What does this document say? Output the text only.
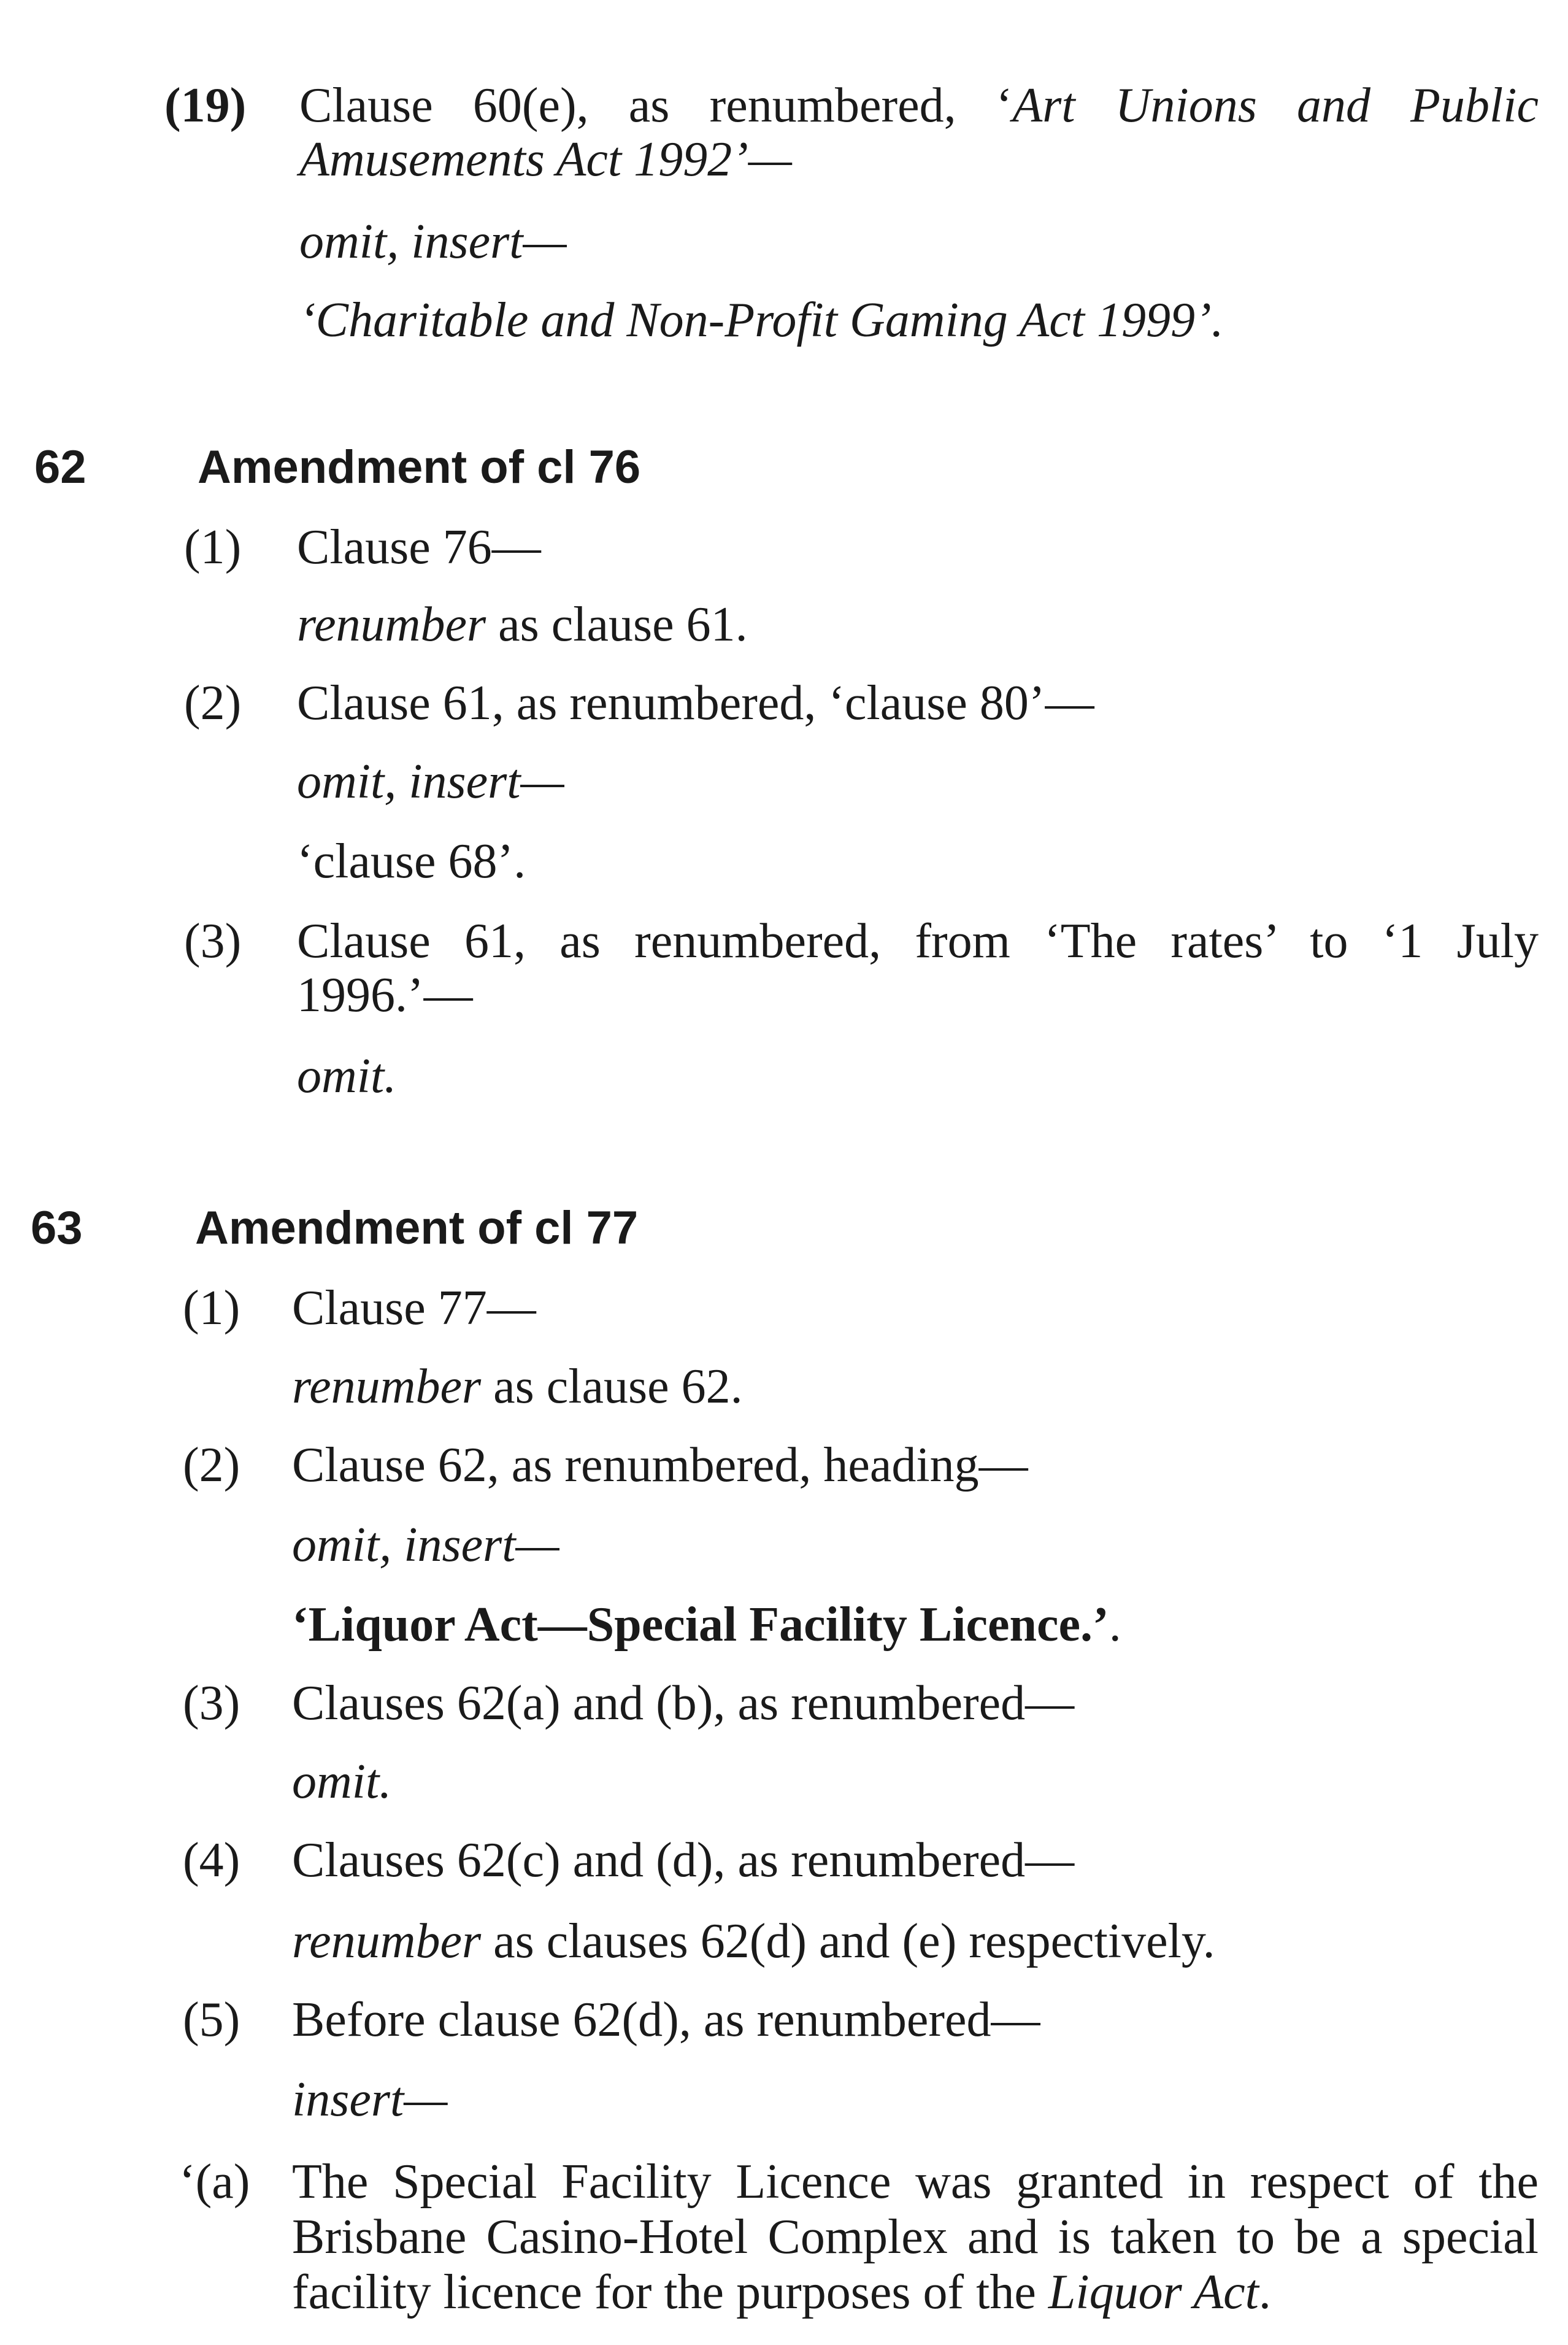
(19) Clause 60(e), as renumbered, ‘Art Unions and Public
Amusements Act 1992’—
omit, insert—
‘Charitable and Non-Profit Gaming Act 1999’.
62 Amendment of cl 76
(1) Clause 76—
renumber as clause 61.
(2) Clause 61, as renumbered, ‘clause 80’—
omit, insert—
‘clause 68’.
(3) Clause 61, as renumbered, from ‘The rates’ to ‘1 July
1996.’—
omit.
63 Amendment of cl 77
(1) Clause 77—
renumber as clause 62.
(2) Clause 62, as renumbered, heading—
omit, insert—
‘Liquor Act—Special Facility Licence.’.
(3) Clauses 62(a) and (b), as renumbered—
omit.
(4) Clauses 62(c) and (d), as renumbered—
renumber as clauses 62(d) and (e) respectively.
(5) Before clause 62(d), as renumbered—
insert—
‘(a) The Special Facility Licence was granted in respect of the
Brisbane Casino-Hotel Complex and is taken to be a special
facility licence for the purposes of the Liquor Act.
